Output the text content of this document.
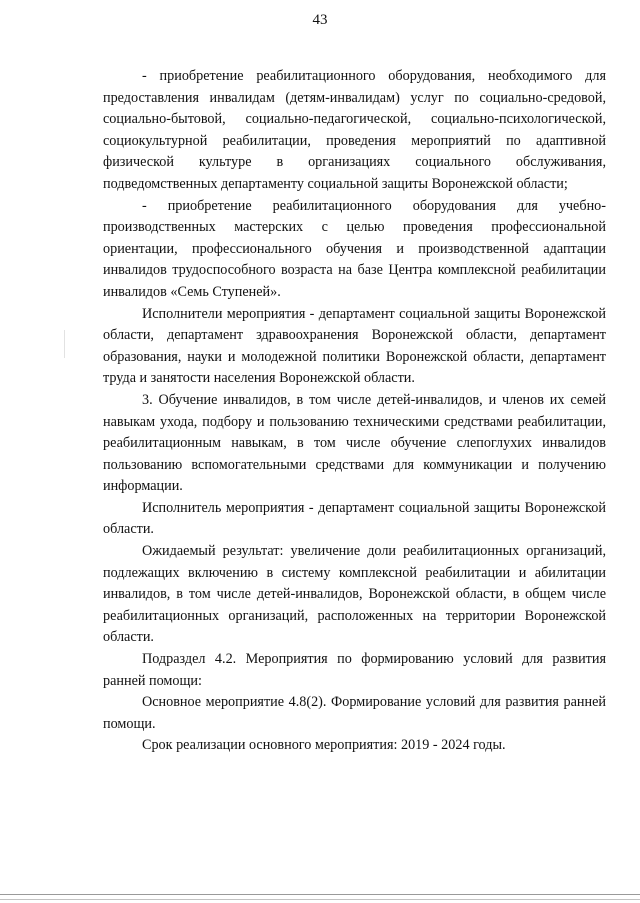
43

- приобретение реабилитационного оборудования, необходимого для предоставления инвалидам (детям-инвалидам) услуг по социально-средовой, социально-бытовой, социально-педагогической, социально-психологической, социокультурной реабилитации, проведения мероприятий по адаптивной физической культуре в организациях социального обслуживания, подведомственных департаменту социальной защиты Воронежской области;

- приобретение реабилитационного оборудования для учебно-производственных мастерских с целью проведения профессиональной ориентации, профессионального обучения и производственной адаптации инвалидов трудоспособного возраста на базе Центра комплексной реабилитации инвалидов «Семь Ступеней».

Исполнители мероприятия - департамент социальной защиты Воронежской области, департамент здравоохранения Воронежской области, департамент образования, науки и молодежной политики Воронежской области, департамент труда и занятости населения Воронежской области.

3. Обучение инвалидов, в том числе детей-инвалидов, и членов их семей навыкам ухода, подбору и пользованию техническими средствами реабилитации, реабилитационным навыкам, в том числе обучение слепоглухих инвалидов пользованию вспомогательными средствами для коммуникации и получению информации.

Исполнитель мероприятия - департамент социальной защиты Воронежской области.

Ожидаемый результат: увеличение доли реабилитационных организаций, подлежащих включению в систему комплексной реабилитации и абилитации инвалидов, в том числе детей-инвалидов, Воронежской области, в общем числе реабилитационных организаций, расположенных на территории Воронежской области.

Подраздел 4.2. Мероприятия по формированию условий для развития ранней помощи:

Основное мероприятие 4.8(2). Формирование условий для развития ранней помощи.

Срок реализации основного мероприятия: 2019 - 2024 годы.
